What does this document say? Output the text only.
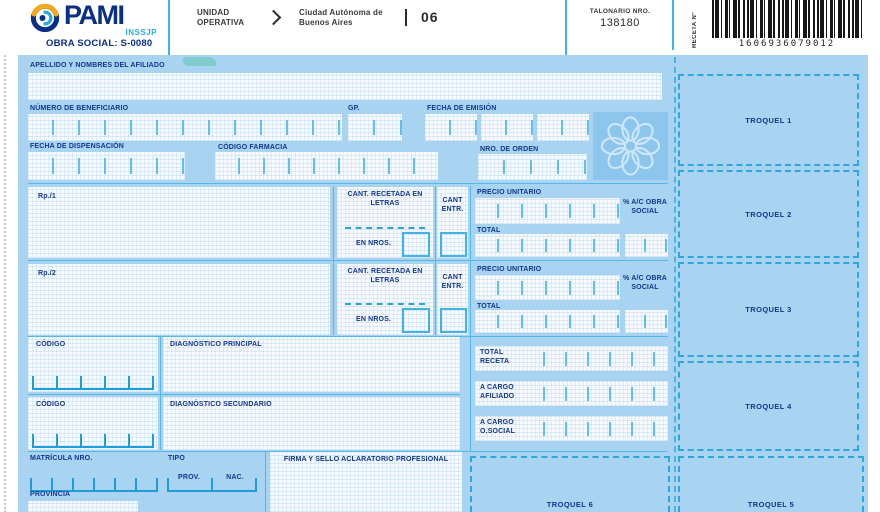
PAMI
INSSJP
OBRA SOCIAL: S-0080
UNIDAD OPERATIVA
Ciudad Autónoma de Buenos Aires	06	TALONARIO NRO.
138180	RECETA Nº	1606936079012
APELLIDO Y NOMBRES DEL AFILIADO
NÚMERO DE BENEFICIARIO	GP.	FECHA DE EMISIÓN
FECHA DE DISPENSACIÓN	CÓDIGO FARMACIA	NRO. DE ORDEN
Rp./1	CANT. RECETADA EN LETRAS
EN NROS.
CANT ENTR.
PRECIO UNITARIO
% A/C OBRA SOCIAL
TOTAL
Rp./2	CANT. RECETADA EN LETRAS
EN NROS.
CANT ENTR.
PRECIO UNITARIO
% A/C OBRA SOCIAL
TOTAL
CÓDIGO	DIAGNÓSTICO PRINCIPAL
CÓDIGO	DIAGNÓSTICO SECUNDARIO
TOTAL RECETA
A CARGO AFILIADO
A CARGO O.SOCIAL
MATRÍCULA NRO.	TIPO
PROV.	NAC.
PROVINCIA
FIRMA Y SELLO ACLARATORIO PROFESIONAL
TROQUEL 1
TROQUEL 2
TROQUEL 3
TROQUEL 4
TROQUEL 5
TROQUEL 6
